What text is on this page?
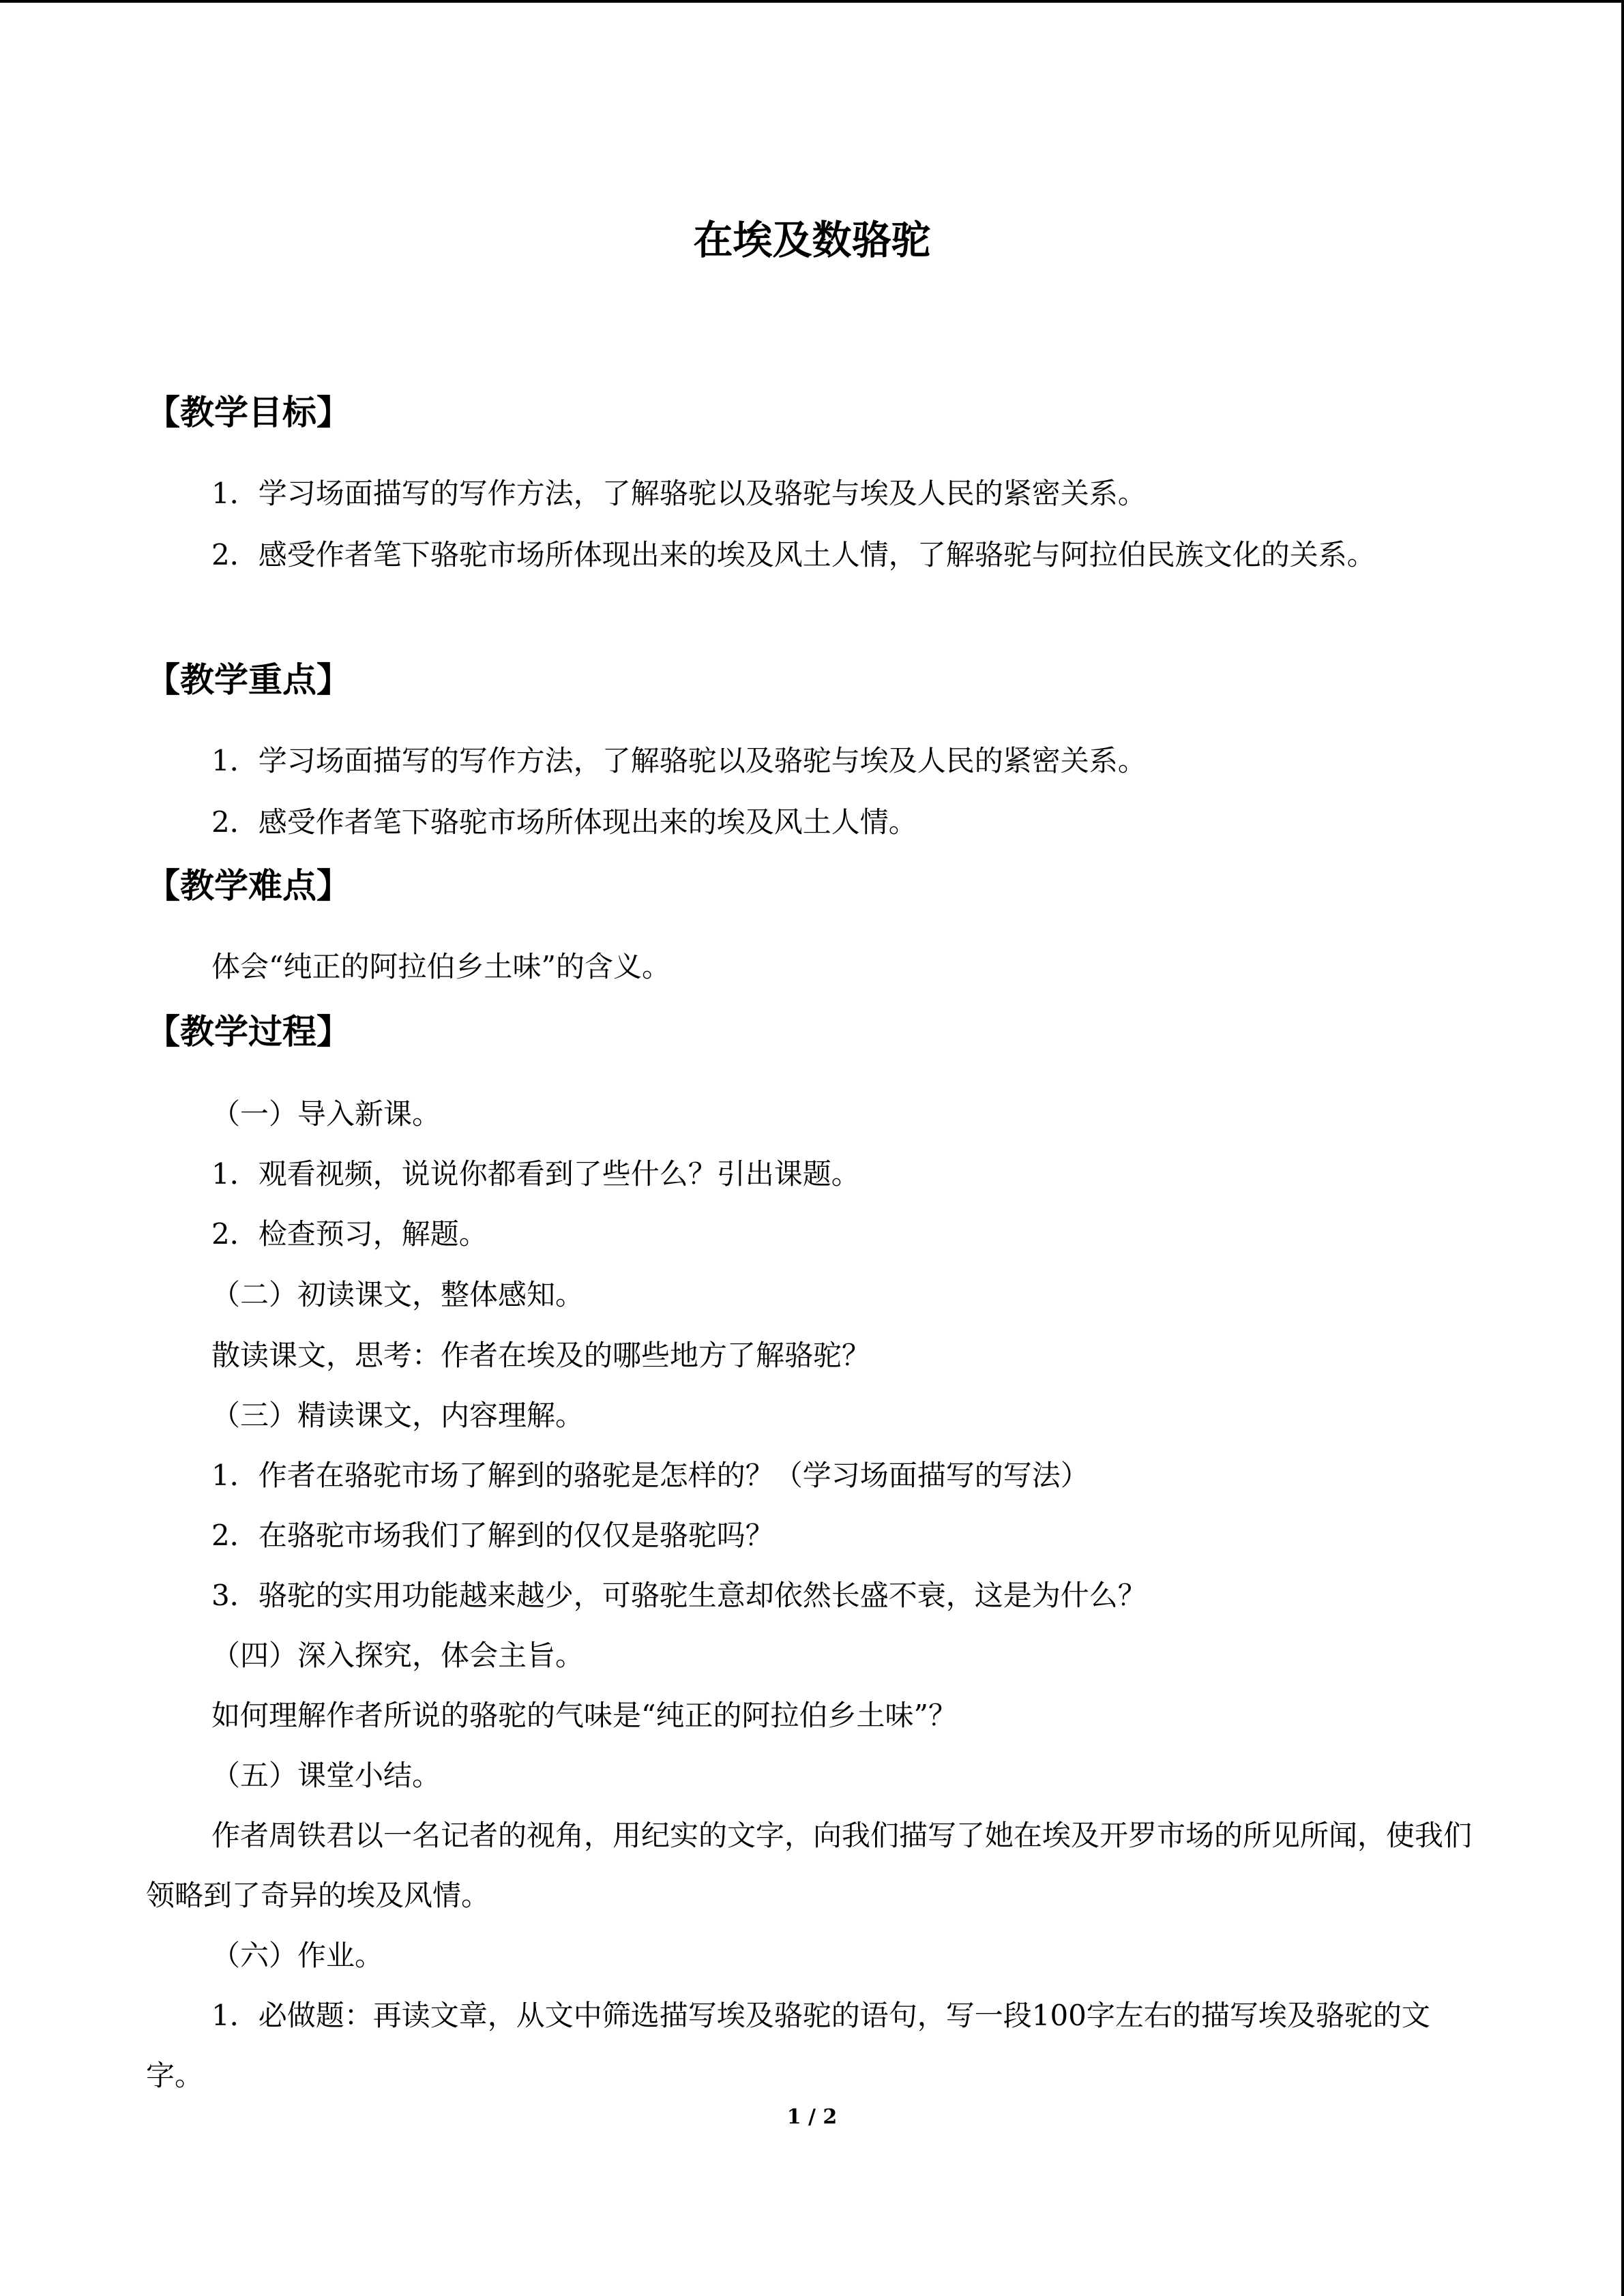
在埃及数骆驼
【教学目标】

1．学习场面描写的写作方法，了解骆驼以及骆驼与埃及人民的紧密关系。

2．感受作者笔下骆驼市场所体现出来的埃及风土人情，了解骆驼与阿拉伯民族文化的关系。

【教学重点】

1．学习场面描写的写作方法，了解骆驼以及骆驼与埃及人民的紧密关系。

2．感受作者笔下骆驼市场所体现出来的埃及风土人情。

【教学难点】

体会“纯正的阿拉伯乡土味”的含义。

【教学过程】

（一）导入新课。

1．观看视频，说说你都看到了些什么？引出课题。

2．检查预习，解题。

（二）初读课文，整体感知。

散读课文，思考：作者在埃及的哪些地方了解骆驼？

（三）精读课文，内容理解。

1．作者在骆驼市场了解到的骆驼是怎样的？（学习场面描写的写法）

2．在骆驼市场我们了解到的仅仅是骆驼吗？

3．骆驼的实用功能越来越少，可骆驼生意却依然长盛不衰，这是为什么？

（四）深入探究，体会主旨。

如何理解作者所说的骆驼的气味是“纯正的阿拉伯乡土味”？

（五）课堂小结。

作者周铁君以一名记者的视角，用纪实的文字，向我们描写了她在埃及开罗市场的所见所闻，使我们领略到了奇异的埃及风情。

（六）作业。

1．必做题：再读文章，从文中筛选描写埃及骆驼的语句，写一段100字左右的描写埃及骆驼的文字。

1 / 2
